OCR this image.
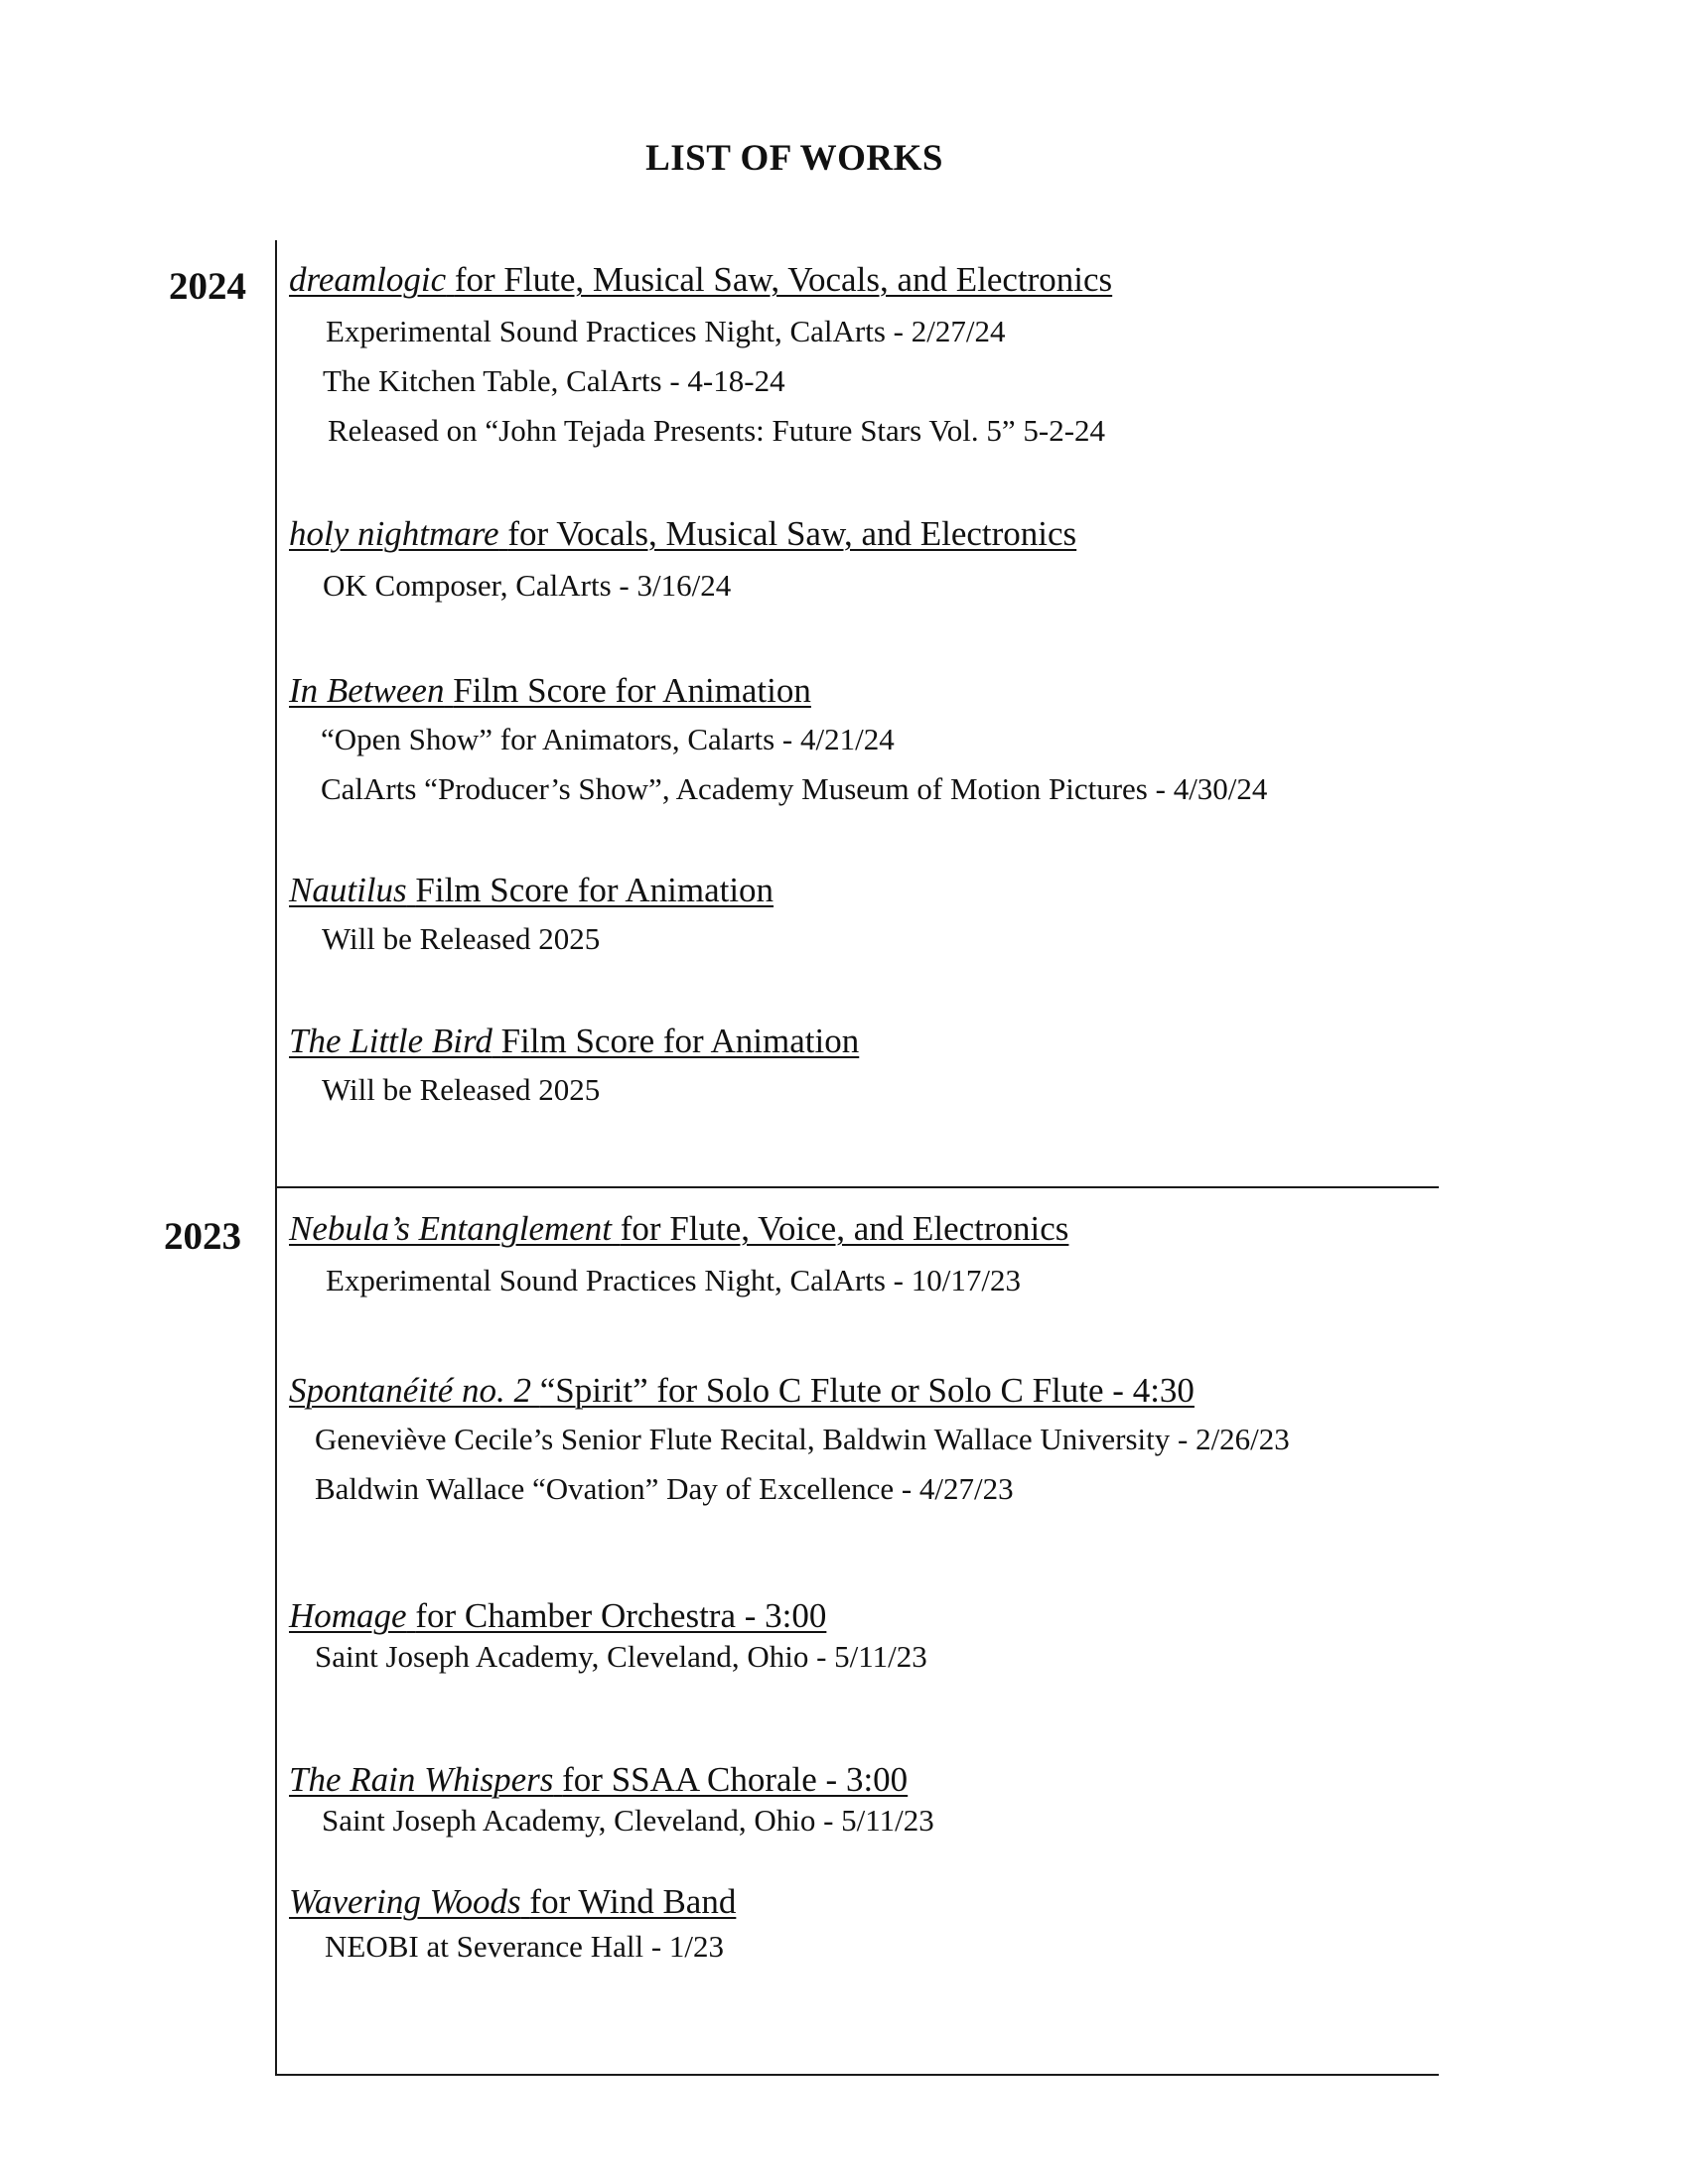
LIST OF WORKS
2024
2023
dreamlogic for Flute, Musical Saw, Vocals, and Electronics
Experimental Sound Practices Night, CalArts - 2/27/24
The Kitchen Table, CalArts - 4-18-24
Released on “John Tejada Presents: Future Stars Vol. 5” 5-2-24
holy nightmare for Vocals, Musical Saw, and Electronics
OK Composer, CalArts - 3/16/24
In Between Film Score for Animation
“Open Show” for Animators, Calarts - 4/21/24
CalArts “Producer’s Show”, Academy Museum of Motion Pictures - 4/30/24
Nautilus Film Score for Animation
Will be Released 2025
The Little Bird Film Score for Animation
Will be Released 2025
Nebula’s Entanglement for Flute, Voice, and Electronics
Experimental Sound Practices Night, CalArts - 10/17/23
Spontanéité no. 2 “Spirit” for Solo C Flute or Solo C Flute - 4:30
Geneviève Cecile’s Senior Flute Recital, Baldwin Wallace University - 2/26/23
Baldwin Wallace “Ovation” Day of Excellence - 4/27/23
Homage for Chamber Orchestra - 3:00
Saint Joseph Academy, Cleveland, Ohio - 5/11/23
The Rain Whispers for SSAA Chorale - 3:00
Saint Joseph Academy, Cleveland, Ohio - 5/11/23
Wavering Woods for Wind Band
NEOBI at Severance Hall - 1/23
